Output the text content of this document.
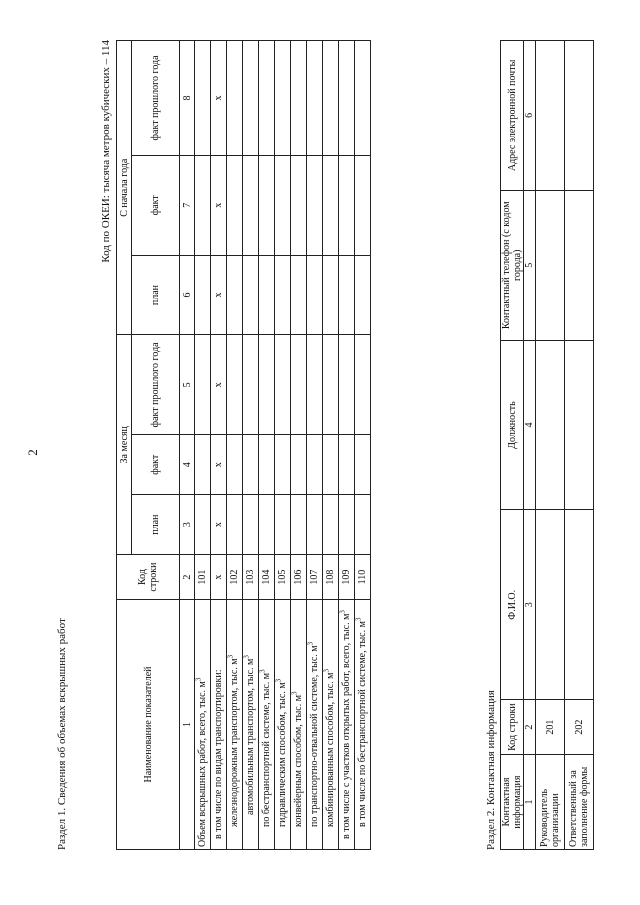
2
Раздел 1. Сведения об объемах вскрышных работ
Код по ОКЕИ: тысяча метров кубических – 114
Наименование показателей	Код строки	За месяц			С начала года		
		план	факт	факт прошлого года	план	факт	факт прошлого года
1	2	3	4	5	6	7	8
Объем вскрышных работ, всего, тыс. $м^3$	101						
в том числе по видам транспортировки:	x	x	x	x	x	x	x
железнодорожным транспортом, тыс. $м^3$	102						
автомобильным транспортом, тыс. $м^3$	103						
по бестранспортной системе, тыс. $м^3$	104						
гидравлическим способом, тыс. $м^3$	105						
конвейерным способом, тыс. $м^3$	106						
по транспортно-отвальной системе, тыс. $м^3$	107						
комбинированным способом, тыс. $м^3$	108						
в том числе с участков открытых работ, всего, тыс. $м^3$	109						
в том числе по бестранспортной системе, тыс. $м^3$	110						
Раздел 2. Контактная информация Контактная информация	Код строки	Ф.И.О.	Должность	Контактный телефон (с кодом города)	Адрес электронной почты
1	2	3	4	5	6
Руководитель организации	201				
Ответственный за заполнение формы	202				
